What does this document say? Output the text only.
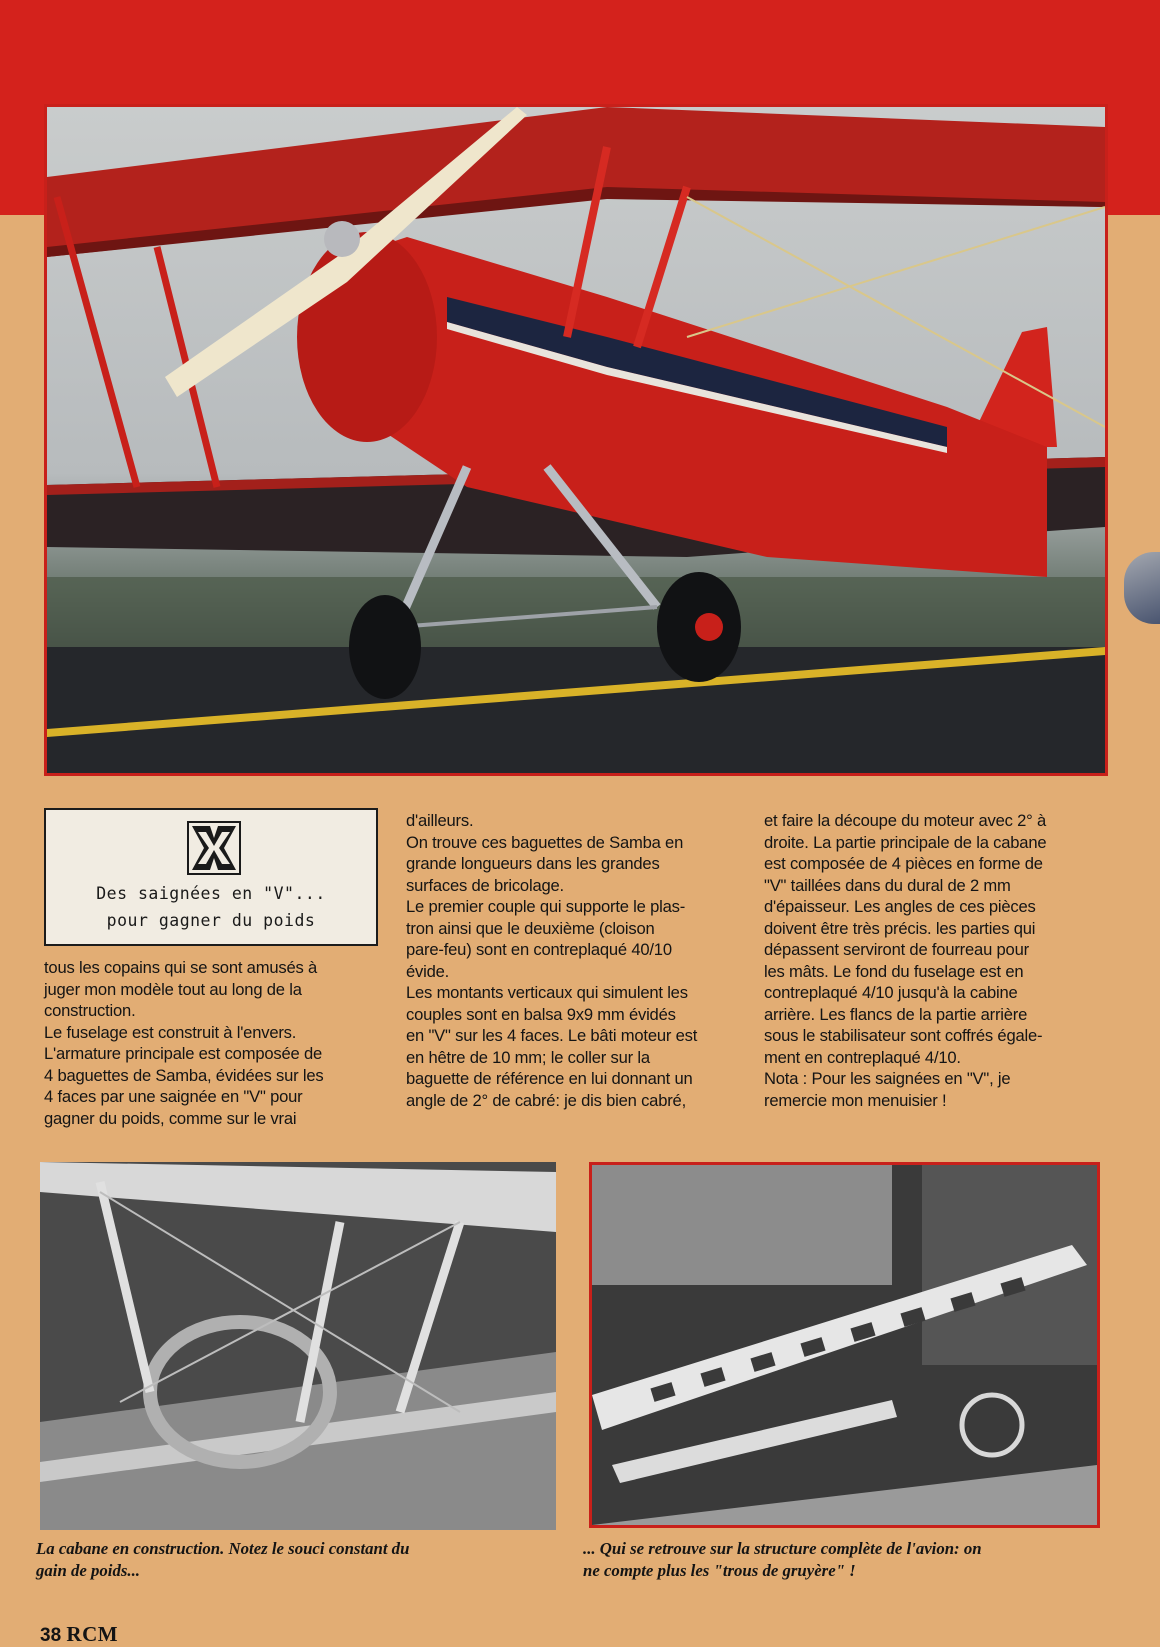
Des saignées en "V"...
pour gagner du poids
tous les copains qui se sont amusés à
juger mon modèle tout au long de la
construction.
Le fuselage est construit à l'envers.
L'armature principale est composée de
4 baguettes de Samba, évidées sur les
4 faces par une saignée en "V" pour
gagner du poids, comme sur le vrai
d'ailleurs.
On trouve ces baguettes de Samba en
grande longueurs dans les grandes
surfaces de bricolage.
Le premier couple qui supporte le plas-
tron ainsi que le deuxième (cloison
pare-feu) sont en contreplaqué 40/10
évide.
Les montants verticaux qui simulent les
couples sont en balsa 9x9 mm évidés
en "V" sur les 4 faces. Le bâti moteur est
en hêtre de 10 mm; le coller sur la
baguette de référence en lui donnant un
angle de 2° de cabré: je dis bien cabré,
et faire la découpe du moteur avec 2° à
droite. La partie principale de la cabane
est composée de 4 pièces en forme de
"V" taillées dans du dural de 2 mm
d'épaisseur. Les angles de ces pièces
doivent être très précis. les parties qui
dépassent serviront de fourreau pour
les mâts. Le fond du fuselage est en
contreplaqué 4/10 jusqu'à la cabine
arrière. Les flancs de la partie arrière
sous le stabilisateur sont coffrés égale-
ment en contreplaqué 4/10.
Nota : Pour les saignées en "V", je
remercie mon menuisier !
La cabane en construction. Notez le souci constant du
gain de poids...
... Qui se retrouve sur la structure complète de l'avion: on
ne compte plus les "trous de gruyère" !
38 RCM
